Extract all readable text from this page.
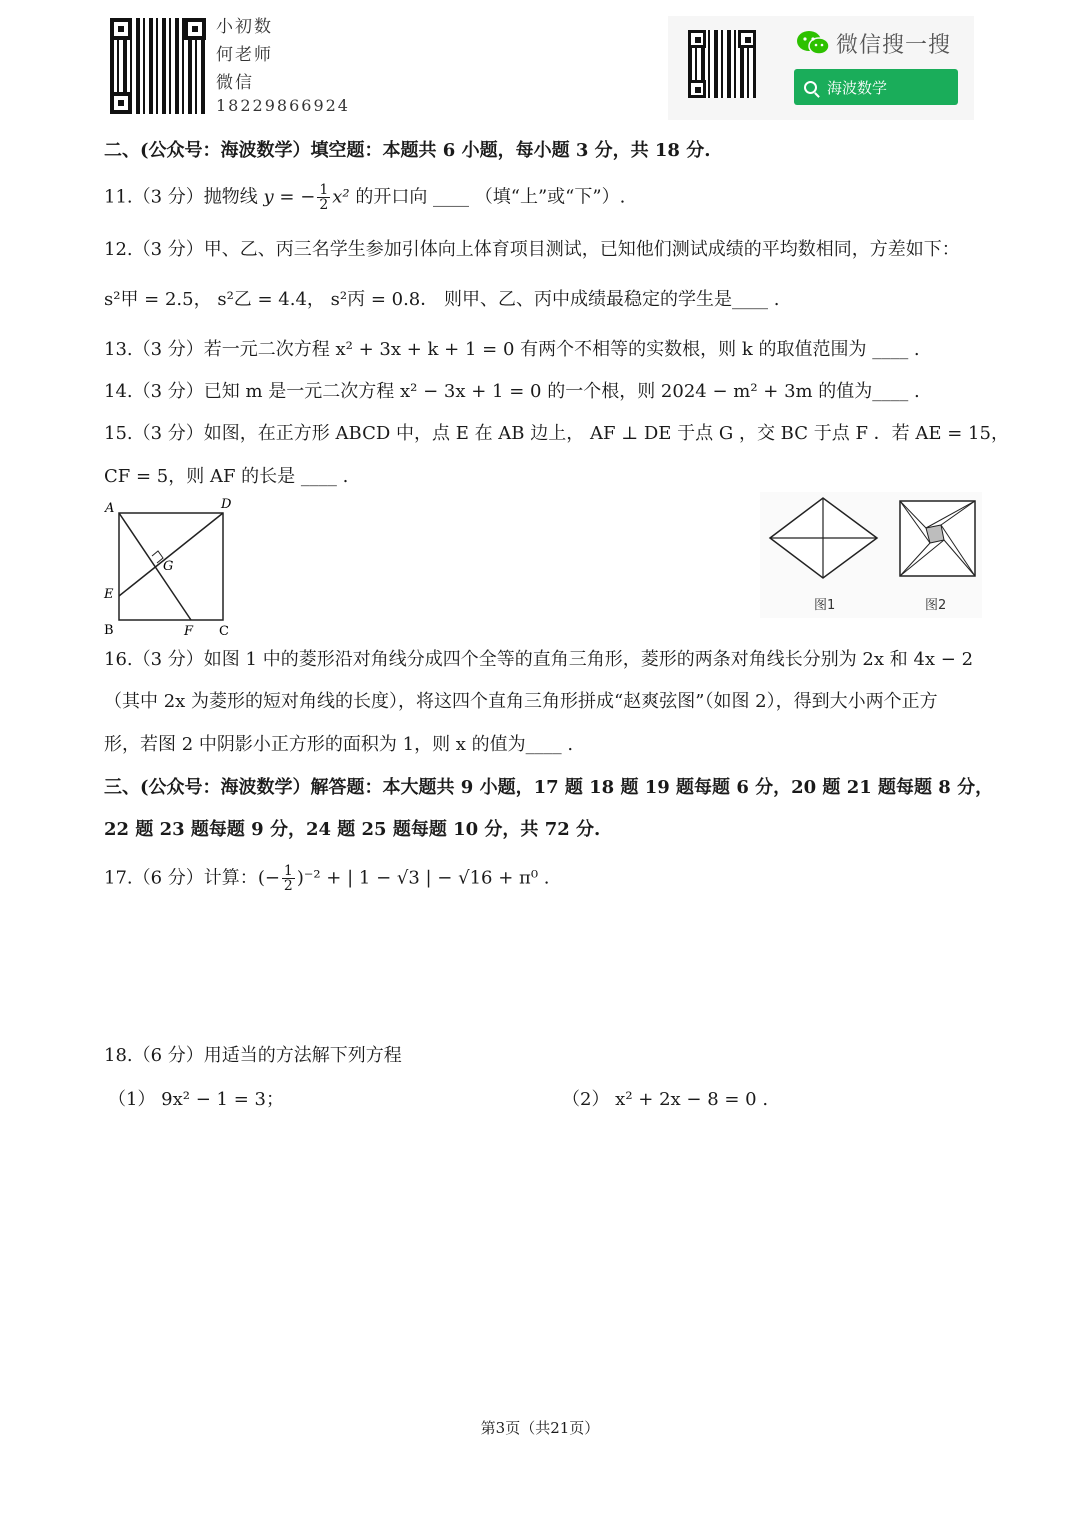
小初数
何老师
微信
18229866924
微信搜一搜
海波数学
二、(公众号：海波数学）填空题：本题共 6 小题，每小题 3 分，共 18 分.
11.（3 分）抛物线 y = − $\frac{1}{2} x^2$ 的开口向 ____ （填“上”或“下”）.
12.（3 分）甲、乙、丙三名学生参加引体向上体育项目测试，已知他们测试成绩的平均数相同，方差如下：
s²甲 = 2.5， s²乙 = 4.4， s²丙 = 0.8． 则甲、乙、丙中成绩最稳定的学生是____ .
13.（3 分）若一元二次方程 x² + 3x + k + 1 = 0 有两个不相等的实数根，则 k 的取值范围为 ____ .
14.（3 分）已知 m 是一元二次方程 x² − 3x + 1 = 0 的一个根，则 2024 − m² + 3m 的值为____ .
15.（3 分）如图，在正方形 ABCD 中，点 E 在 AB 边上， AF ⊥ DE 于点 G ，交 BC 于点 F ．若 AE = 15，
CF = 5，则 AF 的长是 ____ .
A	D
G
E
B	F C
图1	图2
16.（3 分）如图 1 中的菱形沿对角线分成四个全等的直角三角形，菱形的两条对角线长分别为 2x 和 4x − 2
（其中 2x 为菱形的短对角线的长度），将这四个直角三角形拼成“赵爽弦图”（如图 2），得到大小两个正方
形，若图 2 中阴影小正方形的面积为 1，则 x 的值为____ .
三、(公众号：海波数学）解答题：本大题共 9 小题，17 题 18 题 19 题每题 6 分，20 题 21 题每题 8 分，
22 题 23 题每题 9 分，24 题 25 题每题 10 分，共 72 分.
17.（6 分）计算：(− $\frac{1}{2} )^{-2}$ + | 1 − √3 | − √16 + π⁰ .
18.（6 分）用适当的方法解下列方程
（1） 9x² − 1 = 3；	（2） x² + 2x − 8 = 0 .
第3页（共21页）
